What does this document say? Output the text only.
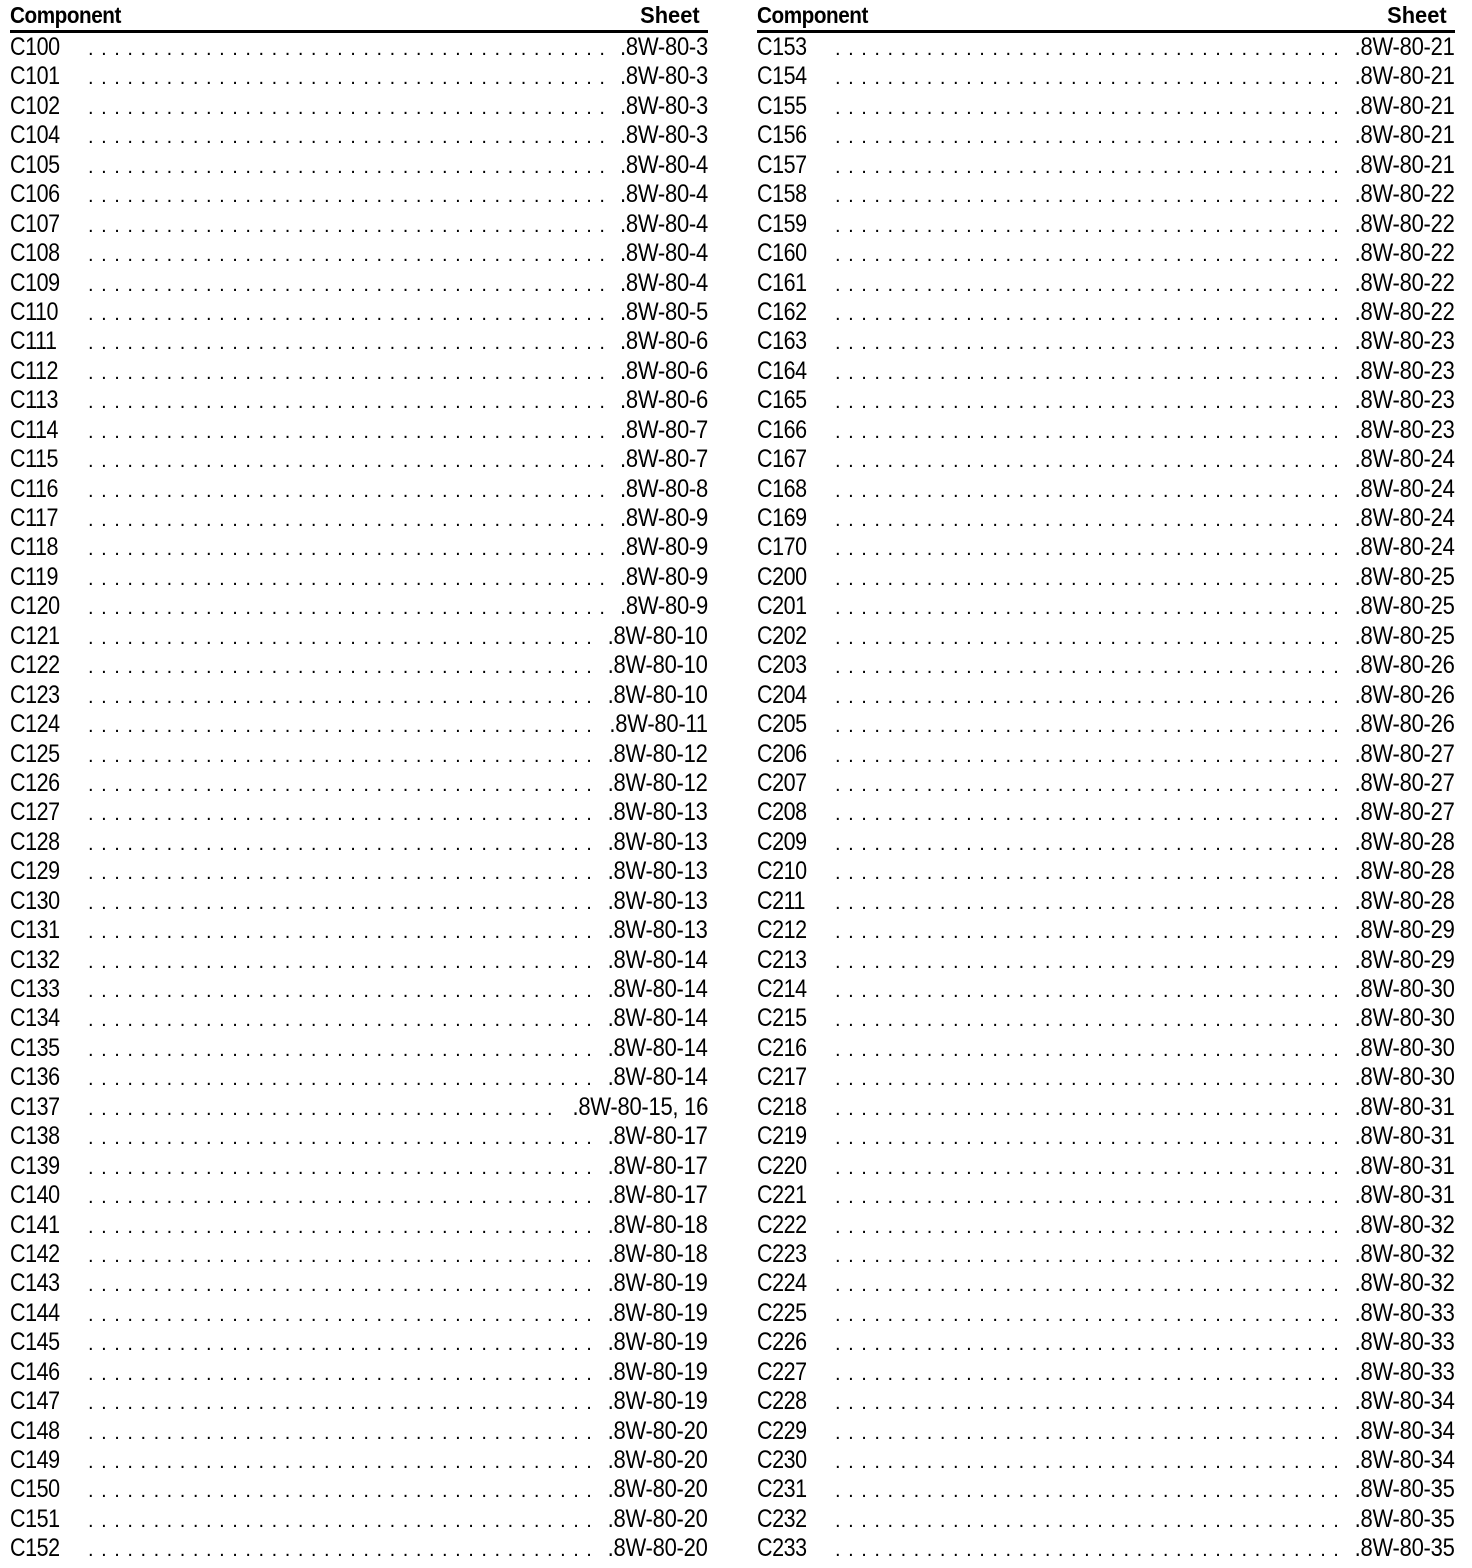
Component	Sheet
C100 . . .	.8W-80-3
C101 . . .	.8W-80-3
C102 . . .	.8W-80-3
C104 . . .	.8W-80-3
C105 . . .	.8W-80-4
C106 . . .	.8W-80-4
C107 . . .	.8W-80-4
C108 . . .	.8W-80-4
C109 . . .	.8W-80-4
C110 . . .	.8W-80-5
C111 . . .	.8W-80-6
C112 . . .	.8W-80-6
C113 . . .	.8W-80-6
C114 . . .	.8W-80-7
C115 . . .	.8W-80-7
C116 . . .	.8W-80-8
C117 . . .	.8W-80-9
C118 . . .	.8W-80-9
C119 . . .	.8W-80-9
C120 . . .	.8W-80-9
C121 . . .	.8W-80-10
C122 . . .	.8W-80-10
C123 . . .	.8W-80-10
C124 . . .	.8W-80-11
C125 . . .	.8W-80-12
C126 . . .	.8W-80-12
C127 . . .	.8W-80-13
C128 . . .	.8W-80-13
C129 . . .	.8W-80-13
C130 . . .	.8W-80-13
C131 . . .	.8W-80-13
C132 . . .	.8W-80-14
C133 . . .	.8W-80-14
C134 . . .	.8W-80-14
C135 . . .	.8W-80-14
C136 . . .	.8W-80-14
C137 . . .	.8W-80-15, 16
C138 . . .	.8W-80-17
C139 . . .	.8W-80-17
C140 . . .	.8W-80-17
C141 . . .	.8W-80-18
C142 . . .	.8W-80-18
C143 . . .	.8W-80-19
C144 . . .	.8W-80-19
C145 . . .	.8W-80-19
C146 . . .	.8W-80-19
C147 . . .	.8W-80-19
C148 . . .	.8W-80-20
C149 . . .	.8W-80-20
C150 . . .	.8W-80-20
C151 . . .	.8W-80-20
C152 . . .	.8W-80-20
Component	Sheet
C153 . . .	.8W-80-21
C154 . . .	.8W-80-21
C155 . . .	.8W-80-21
C156 . . .	.8W-80-21
C157 . . .	.8W-80-21
C158 . . .	.8W-80-22
C159 . . .	.8W-80-22
C160 . . .	.8W-80-22
C161 . . .	.8W-80-22
C162 . . .	.8W-80-22
C163 . . .	.8W-80-23
C164 . . .	.8W-80-23
C165 . . .	.8W-80-23
C166 . . .	.8W-80-23
C167 . . .	.8W-80-24
C168 . . .	.8W-80-24
C169 . . .	.8W-80-24
C170 . . .	.8W-80-24
C200 . . .	.8W-80-25
C201 . . .	.8W-80-25
C202 . . .	.8W-80-25
C203 . . .	.8W-80-26
C204 . . .	.8W-80-26
C205 . . .	.8W-80-26
C206 . . .	.8W-80-27
C207 . . .	.8W-80-27
C208 . . .	.8W-80-27
C209 . . .	.8W-80-28
C210 . . .	.8W-80-28
C211 . . .	.8W-80-28
C212 . . .	.8W-80-29
C213 . . .	.8W-80-29
C214 . . .	.8W-80-30
C215 . . .	.8W-80-30
C216 . . .	.8W-80-30
C217 . . .	.8W-80-30
C218 . . .	.8W-80-31
C219 . . .	.8W-80-31
C220 . . .	.8W-80-31
C221 . . .	.8W-80-31
C222 . . .	.8W-80-32
C223 . . .	.8W-80-32
C224 . . .	.8W-80-32
C225 . . .	.8W-80-33
C226 . . .	.8W-80-33
C227 . . .	.8W-80-33
C228 . . .	.8W-80-34
C229 . . .	.8W-80-34
C230 . . .	.8W-80-34
C231 . . .	.8W-80-35
C232 . . .	.8W-80-35
C233 . . .	.8W-80-35
